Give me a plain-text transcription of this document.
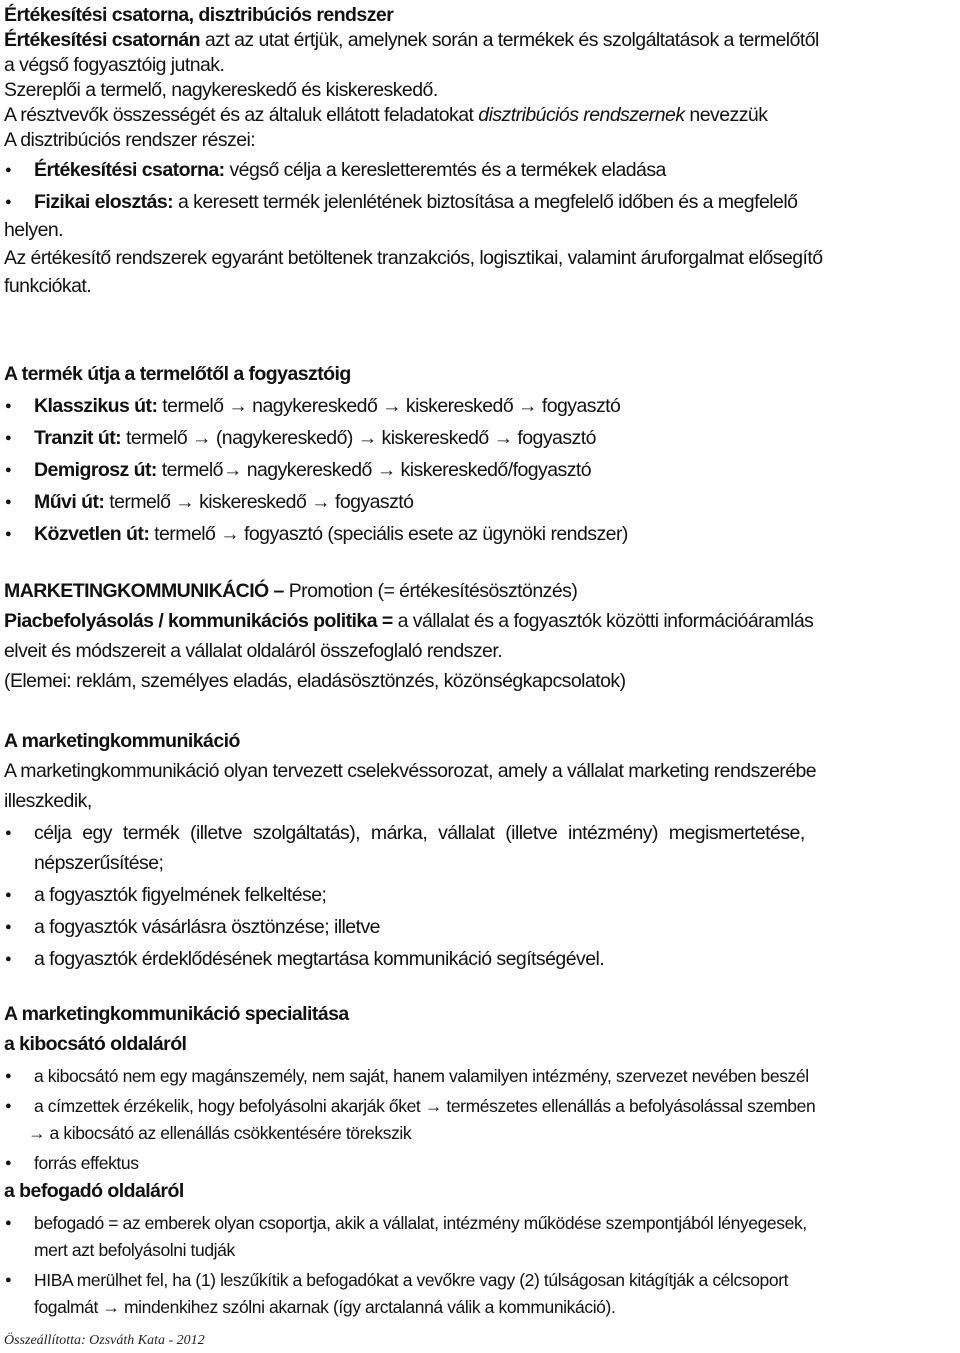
Értékesítési csatorna, disztribúciós rendszer
Értékesítési csatornán azt az utat értjük, amelynek során a termékek és szolgáltatások a termelőtől
a végső fogyasztóig jutnak.
Szereplői a termelő, nagykereskedő és kiskereskedő.
A résztvevők összességét és az általuk ellátott feladatokat disztribúciós rendszernek nevezzük
A disztribúciós rendszer részei:
● Értékesítési csatorna: végső célja a keresletteremtés és a termékek eladása
● Fizikai elosztás: a keresett termék jelenlétének biztosítása a megfelelő időben és a megfelelő
helyen.
Az értékesítő rendszerek egyaránt betöltenek tranzakciós, logisztikai, valamint áruforgalmat elősegítő
funkciókat.
A termék útja a termelőtől a fogyasztóig
● Klasszikus út: termelő → nagykereskedő → kiskereskedő → fogyasztó
● Tranzit út: termelő → (nagykereskedő) → kiskereskedő → fogyasztó
● Demigrosz út: termelő→ nagykereskedő → kiskereskedő/fogyasztó
● Művi út: termelő → kiskereskedő → fogyasztó
● Közvetlen út: termelő → fogyasztó (speciális esete az ügynöki rendszer)
MARKETINGKOMMUNIKÁCIÓ – Promotion (= értékesítésösztönzés)
Piacbefolyásolás / kommunikációs politika = a vállalat és a fogyasztók közötti információáramlás
elveit és módszereit a vállalat oldaláról összefoglaló rendszer.
(Elemei: reklám, személyes eladás, eladásösztönzés, közönségkapcsolatok)
A marketingkommunikáció
A marketingkommunikáció olyan tervezett cselekvéssorozat, amely a vállalat marketing rendszerébe
illeszkedik,
● célja egy termék (illetve szolgáltatás), márka, vállalat (illetve intézmény) megismertetése,
népszerűsítése;
● a fogyasztók figyelmének felkeltése;
● a fogyasztók vásárlásra ösztönzése; illetve
● a fogyasztók érdeklődésének megtartása kommunikáció segítségével.
A marketingkommunikáció specialitása
a kibocsátó oldaláról
● a kibocsátó nem egy magánszemély, nem saját, hanem valamilyen intézmény, szervezet nevében beszél
● a címzettek érzékelik, hogy befolyásolni akarják őket → természetes ellenállás a befolyásolással szemben
→ a kibocsátó az ellenállás csökkentésére törekszik
● forrás effektus
a befogadó oldaláról
● befogadó = az emberek olyan csoportja, akik a vállalat, intézmény működése szempontjából lényegesek,
mert azt befolyásolni tudják
● HIBA merülhet fel, ha (1) leszűkítik a befogadókat a vevőkre vagy (2) túlságosan kitágítják a célcsoport
fogalmát → mindenkihez szólni akarnak (így arctalanná válik a kommunikáció).
Összeállította: Ozsváth Kata - 2012
